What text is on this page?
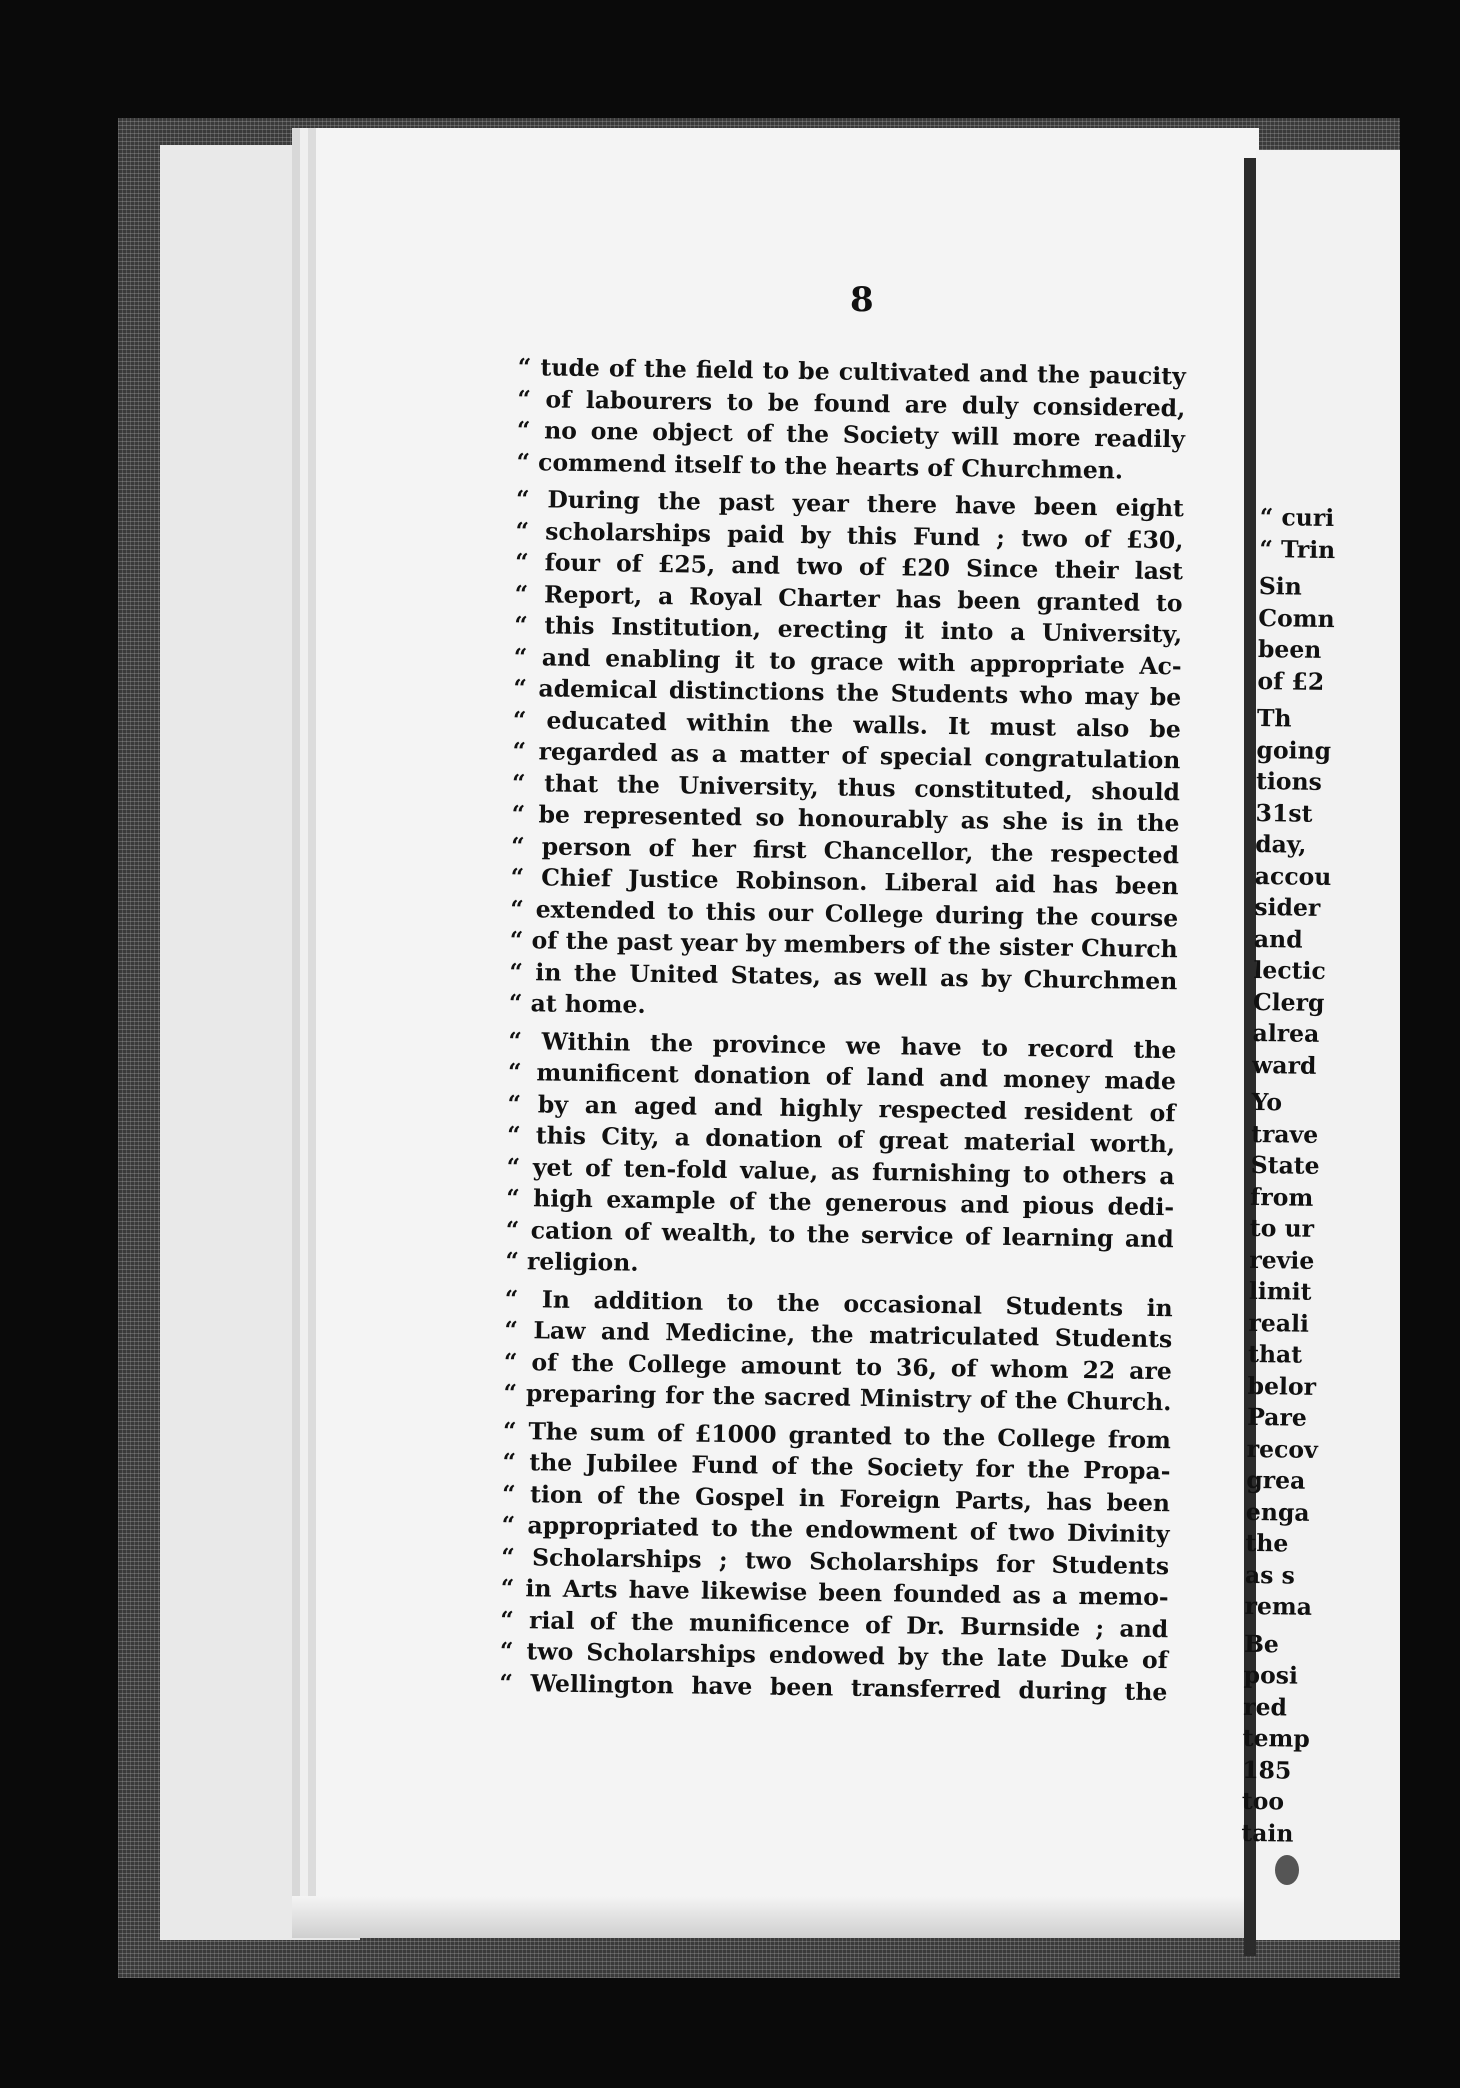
8
“ tude of the field to be cultivated and the paucity
“ of labourers to be found are duly considered,
“ no one object of the Society will more readily
“ commend itself to the hearts of Churchmen.
“ During the past year there have been eight
“ scholarships paid by this Fund ; two of £30,
“ four of £25, and two of £20 Since their last
“ Report, a Royal Charter has been granted to
“ this Institution, erecting it into a University,
“ and enabling it to grace with appropriate Ac-
“ ademical distinctions the Students who may be
“ educated within the walls. It must also be
“ regarded as a matter of special congratulation
“ that the University, thus constituted, should
“ be represented so honourably as she is in the
“ person of her first Chancellor, the respected
“ Chief Justice Robinson. Liberal aid has been
“ extended to this our College during the course
“ of the past year by members of the sister Church
“ in the United States, as well as by Churchmen
“ at home.
“ Within the province we have to record the
“ munificent donation of land and money made
“ by an aged and highly respected resident of
“ this City, a donation of great material worth,
“ yet of ten-fold value, as furnishing to others a
“ high example of the generous and pious dedi-
“ cation of wealth, to the service of learning and
“ religion.
“ In addition to the occasional Students in
“ Law and Medicine, the matriculated Students
“ of the College amount to 36, of whom 22 are
“ preparing for the sacred Ministry of the Church.
“ The sum of £1000 granted to the College from
“ the Jubilee Fund of the Society for the Propa-
“ tion of the Gospel in Foreign Parts, has been
“ appropriated to the endowment of two Divinity
“ Scholarships ; two Scholarships for Students
“ in Arts have likewise been founded as a memo-
“ rial of the munificence of Dr. Burnside ; and
“ two Scholarships endowed by the late Duke of
“ Wellington have been transferred during the
“ curi
“ Trin
Sin
Comn
been
of £2
Th
going
tions
31st
day,
accou
sider
and
lectic
Clerg
alrea
ward
Yo
trave
State
from
to ur
revie
limit
reali
that
belor
Pare
recov
grea
enga
the
as s
rema
Be
posi
red
temp
185
too
tain
